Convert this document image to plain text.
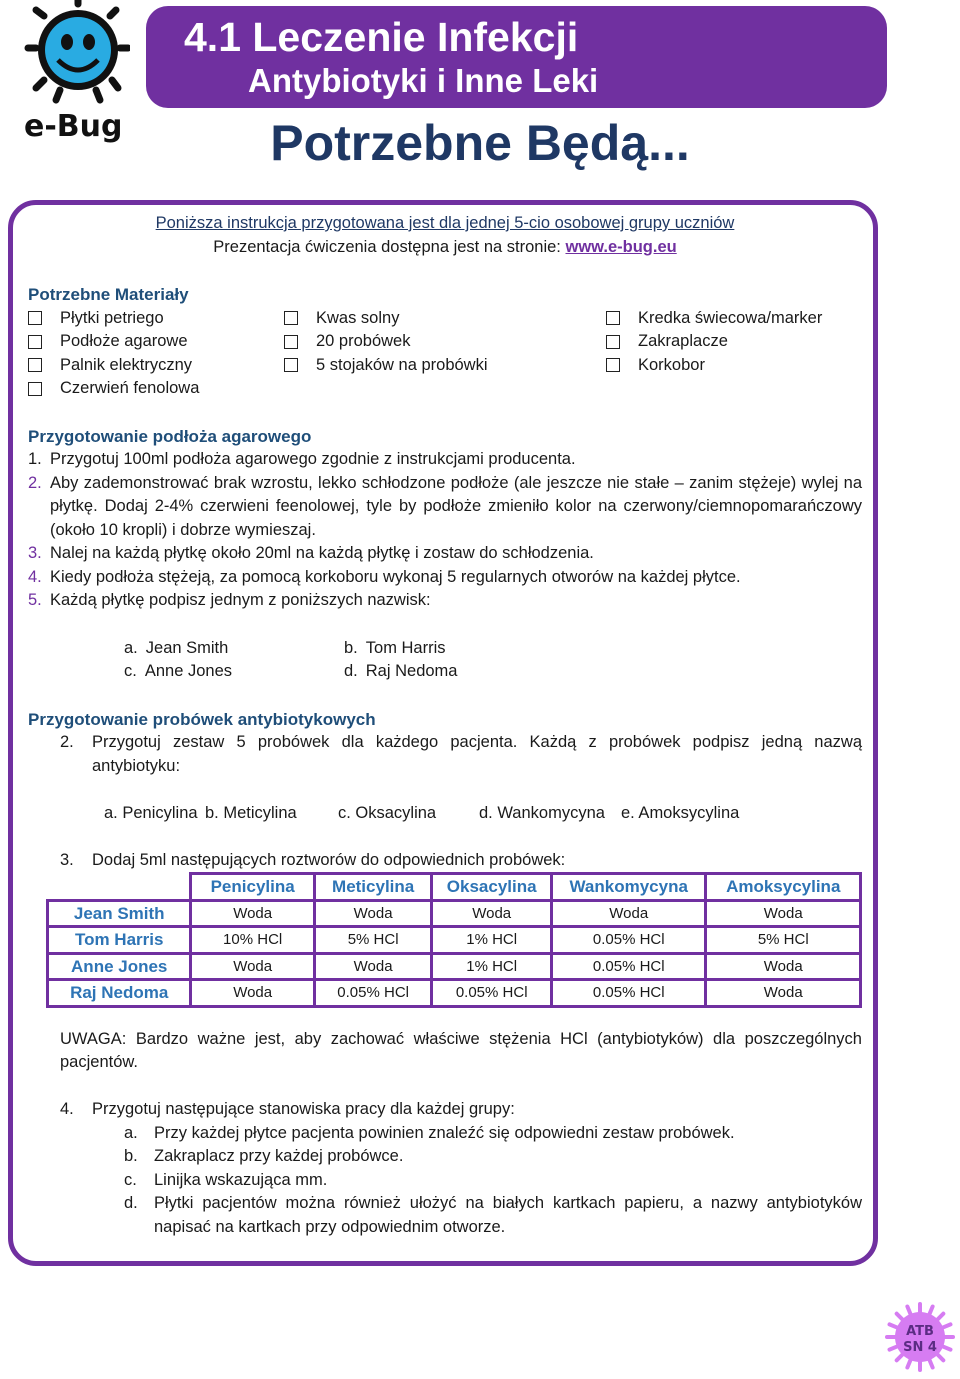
e-Bug
4.1 Leczenie Infekcji
Antybiotyki i Inne Leki
Potrzebne Będą...

Poniższa instrukcja przygotowana jest dla jednej 5-cio osobowej grupy uczniów

Prezentacja ćwiczenia dostępna jest na stronie: www.e-bug.eu

Potrzebne Materiały
Płytki petriego
Podłoże agarowe
Palnik elektryczny
Czerwień fenolowa
Kwas solny
20 probówek
5 stojaków na probówki
Kredka świecowa/marker
Zakraplacze
Korkobor
Przygotowanie podłoża agarowego
1. Przygotuj 100ml podłoża agarowego zgodnie z instrukcjami producenta.
2. Aby zademonstrować brak wzrostu, lekko schłodzone podłoże (ale jeszcze nie stałe – zanim stężeje) wylej na płytkę. Dodaj 2-4% czerwieni feenolowej, tyle by podłoże zmieniło kolor na czerwony/ciemnopomarańczowy (około 10 kropli) i dobrze wymieszaj.
3. Nalej na każdą płytkę około 20ml na każdą płytkę i zostaw do schłodzenia.
4. Kiedy podłoża stężeją, za pomocą korkoboru wykonaj 5 regularnych otworów na każdej płytce.
5. Każdą płytkę podpisz jednym z poniższych nazwisk:
a. Jean Smith	b. Tom Harris
c. Anne Jones	d. Raj Nedoma
Przygotowanie probówek antybiotykowych
2.	Przygotuj zestaw 5 probówek dla każdego pacjenta. Każdą z probówek podpisz jedną nazwą antybiotyku:
a. Penicylina b. Meticylina	c. Oksacylina	d. Wankomycyna e. Amoksycylina
3.	Dodaj 5ml następujących roztworów do odpowiednich probówek:
	Penicylina	Meticylina	Oksacylina	Wankomycyna	Amoksycylina
Jean Smith	Woda	Woda	Woda	Woda	Woda
Tom Harris	10% HCl	5% HCl	1% HCl	0.05% HCl	5% HCl
Anne Jones	Woda	Woda	1% HCl	0.05% HCl	Woda
Raj Nedoma	Woda	0.05% HCl	0.05% HCl	0.05% HCl	Woda
UWAGA: Bardzo ważne jest, aby zachować właściwe stężenia HCl (antybiotyków) dla poszczególnych pacjentów.
4.	Przygotuj następujące stanowiska pracy dla każdej grupy:
a. Przy każdej płytce pacjenta powinien znaleźć się odpowiedni zestaw probówek.
b. Zakraplacz przy każdej probówce.
c.	Linijka wskazująca mm.
d. Płytki pacjentów można również ułożyć na białych kartkach papieru, a nazwy antybiotyków napisać na kartkach przy odpowiednim otworze.
ATB
SN 4
